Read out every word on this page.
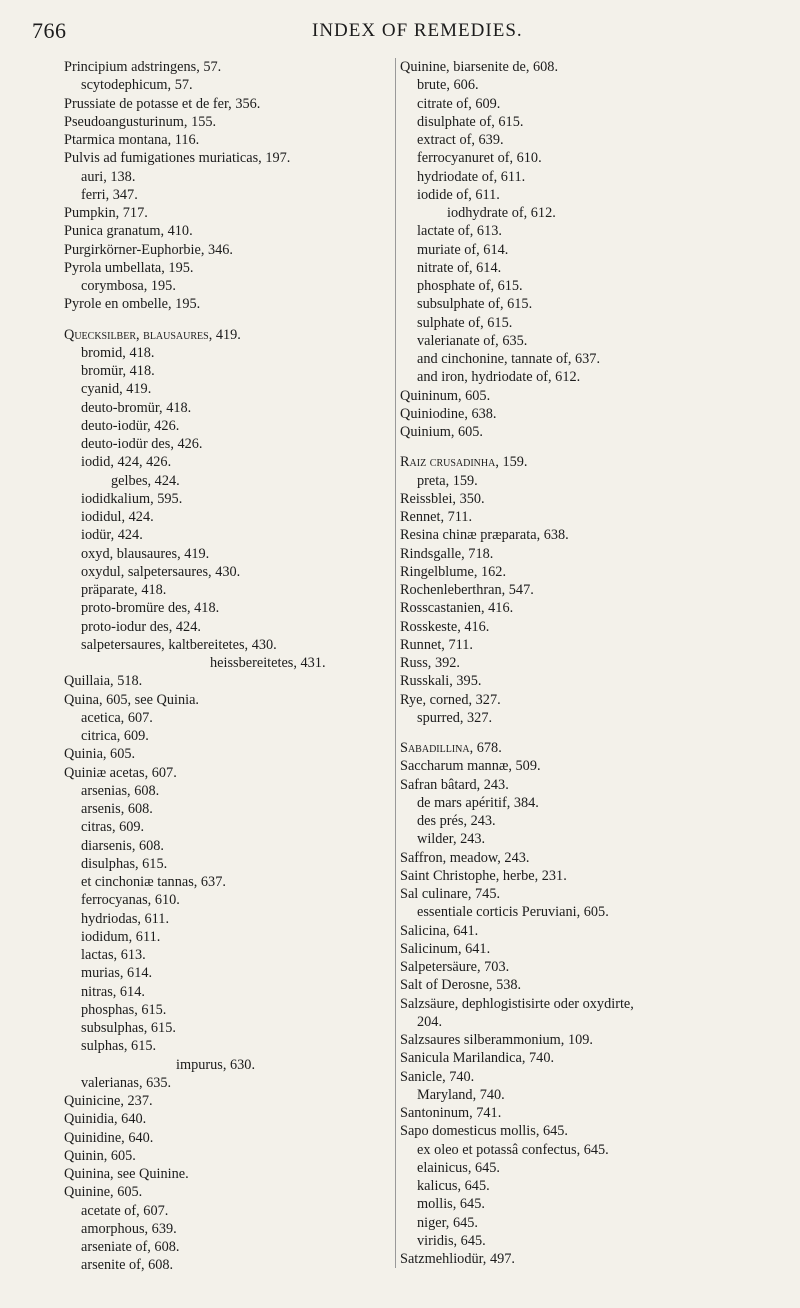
766	INDEX OF REMEDIES.
Principium adstringens, 57.
scytodephicum, 57.
Prussiate de potasse et de fer, 356.
Pseudoangusturinum, 155.
Ptarmica montana, 116.
Pulvis ad fumigationes muriaticas, 197.
auri, 138.
ferri, 347.
Pumpkin, 717.
Punica granatum, 410.
Purgirkörner-Euphorbie, 346.
Pyrola umbellata, 195.
corymbosa, 195.
Pyrole en ombelle, 195.
Quecksilber, blausaures, 419.
bromid, 418.
bromür, 418.
cyanid, 419.
deuto-bromür, 418.
deuto-iodür, 426.
deuto-iodür des, 426.
iodid, 424, 426.
gelbes, 424.
iodidkalium, 595.
iodidul, 424.
iodür, 424.
oxyd, blausaures, 419.
oxydul, salpetersaures, 430.
präparate, 418.
proto-bromüre des, 418.
proto-iodur des, 424.
salpetersaures, kaltbereitetes, 430.
heissbereitetes, 431.
Quillaia, 518.
Quina, 605, see Quinia.
acetica, 607.
citrica, 609.
Quinia, 605.
Quiniæ acetas, 607.
arsenias, 608.
arsenis, 608.
citras, 609.
diarsenis, 608.
disulphas, 615.
et cinchoniæ tannas, 637.
ferrocyanas, 610.
hydriodas, 611.
iodidum, 611.
lactas, 613.
murias, 614.
nitras, 614.
phosphas, 615.
subsulphas, 615.
sulphas, 615.
impurus, 630.
valerianas, 635.
Quinicine, 237.
Quinidia, 640.
Quinidine, 640.
Quinin, 605.
Quinina, see Quinine.
Quinine, 605.
acetate of, 607.
amorphous, 639.
arseniate of, 608.
arsenite of, 608.
Quinine, biarsenite de, 608.
brute, 606.
citrate of, 609.
disulphate of, 615.
extract of, 639.
ferrocyanuret of, 610.
hydriodate of, 611.
iodide of, 611.
iodhydrate of, 612.
lactate of, 613.
muriate of, 614.
nitrate of, 614.
phosphate of, 615.
subsulphate of, 615.
sulphate of, 615.
valerianate of, 635.
and cinchonine, tannate of, 637.
and iron, hydriodate of, 612.
Quininum, 605.
Quiniodine, 638.
Quinium, 605.
Raiz crusadinha, 159.
preta, 159.
Reissblei, 350.
Rennet, 711.
Resina chinæ præparata, 638.
Rindsgalle, 718.
Ringelblume, 162.
Rochenleberthran, 547.
Rosscastanien, 416.
Rosskeste, 416.
Runnet, 711.
Russ, 392.
Russkali, 395.
Rye, corned, 327.
spurred, 327.
Sabadillina, 678.
Saccharum mannæ, 509.
Safran bâtard, 243.
de mars apéritif, 384.
des prés, 243.
wilder, 243.
Saffron, meadow, 243.
Saint Christophe, herbe, 231.
Sal culinare, 745.
essentiale corticis Peruviani, 605.
Salicina, 641.
Salicinum, 641.
Salpetersäure, 703.
Salt of Derosne, 538.
Salzsäure, dephlogistisirte oder oxydirte,
204.
Salzsaures silberammonium, 109.
Sanicula Marilandica, 740.
Sanicle, 740.
Maryland, 740.
Santoninum, 741.
Sapo domesticus mollis, 645.
ex oleo et potassâ confectus, 645.
elainicus, 645.
kalicus, 645.
mollis, 645.
niger, 645.
viridis, 645.
Satzmehliodür, 497.
